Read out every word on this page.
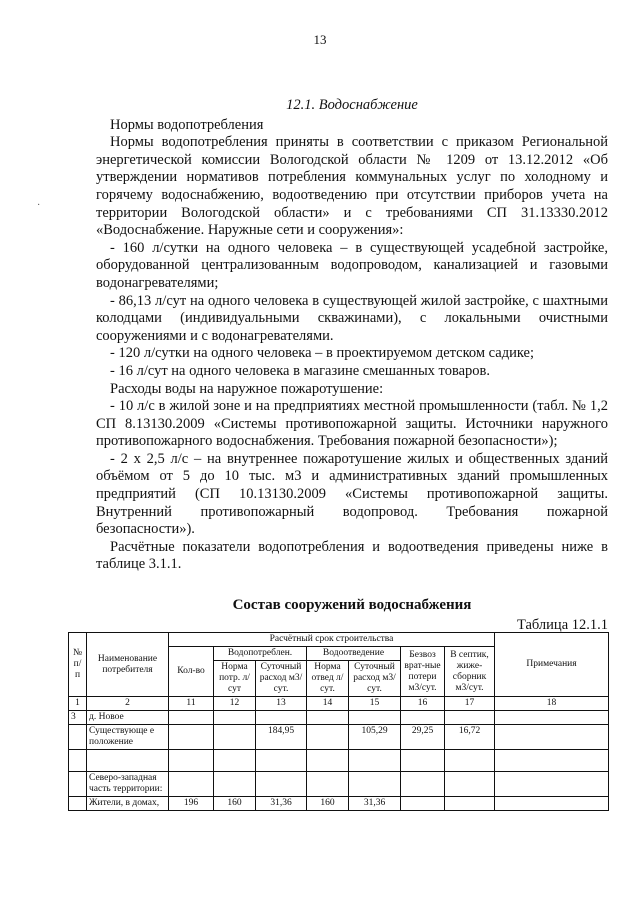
13
·

12.1. Водоснабжение

Нормы водопотребления

Нормы водопотребления приняты в соответствии с приказом Региональной энергетической комиссии Вологодской области № 1209 от 13.12.2012 «Об утверждении нормативов потребления коммунальных услуг по холодному и горячему водоснабжению, водоотведению при отсутствии приборов учета на территории Вологодской области» и с требованиями СП 31.13330.2012 «Водоснабжение. Наружные сети и сооружения»:

- 160 л/сутки на одного человека – в существующей усадебной застройке, оборудованной централизованным водопроводом, канализацией и газовыми водонагревателями;

- 86,13 л/сут на одного человека в существующей жилой застройке, с шахтными колодцами (индивидуальными скважинами), с локальными очистными сооружениями и с водонагревателями.

- 120 л/сутки на одного человека – в проектируемом детском садике;

- 16 л/сут на одного человека в магазине смешанных товаров.

Расходы воды на наружное пожаротушение:

- 10 л/с в жилой зоне и на предприятиях местной промышленности (табл. № 1,2 СП 8.13130.2009 «Системы противопожарной защиты. Источники наружного противопожарного водоснабжения. Требования пожарной безопасности»);

- 2 х 2,5 л/с – на внутреннее пожаротушение жилых и общественных зданий объёмом от 5 до 10 тыс. м3 и административных зданий промышленных предприятий (СП 10.13130.2009 «Системы противопожарной защиты. Внутренний противопожарный водопровод. Требования пожарной безопасности»).

Расчётные показатели водопотребления и водоотведения приведены ниже в таблице 3.1.1.

Состав сооружений водоснабжения
Таблица 12.1.1
№ п/ п	Наименование потребителя	Расчётный срок строительства							Примечания
		Кол-во	Водопотреблен.		Водоотведение		Безвоз врат-ные потери м3/сут.	В септик, жиже-сборник м3/сут.	
			Норма потр. л/сут	Суточный расход м3/сут.	Норма отвед л/сут.	Суточный расход м3/сут.			
1	2	11	12	13	14	15	16	17	18
3	д. Новое								
	Существующе е положение			184,95		105,29	29,25	16,72	

	Северо-западная часть территории:								
	Жители, в домах,	196	160	31,36	160	31,36			
